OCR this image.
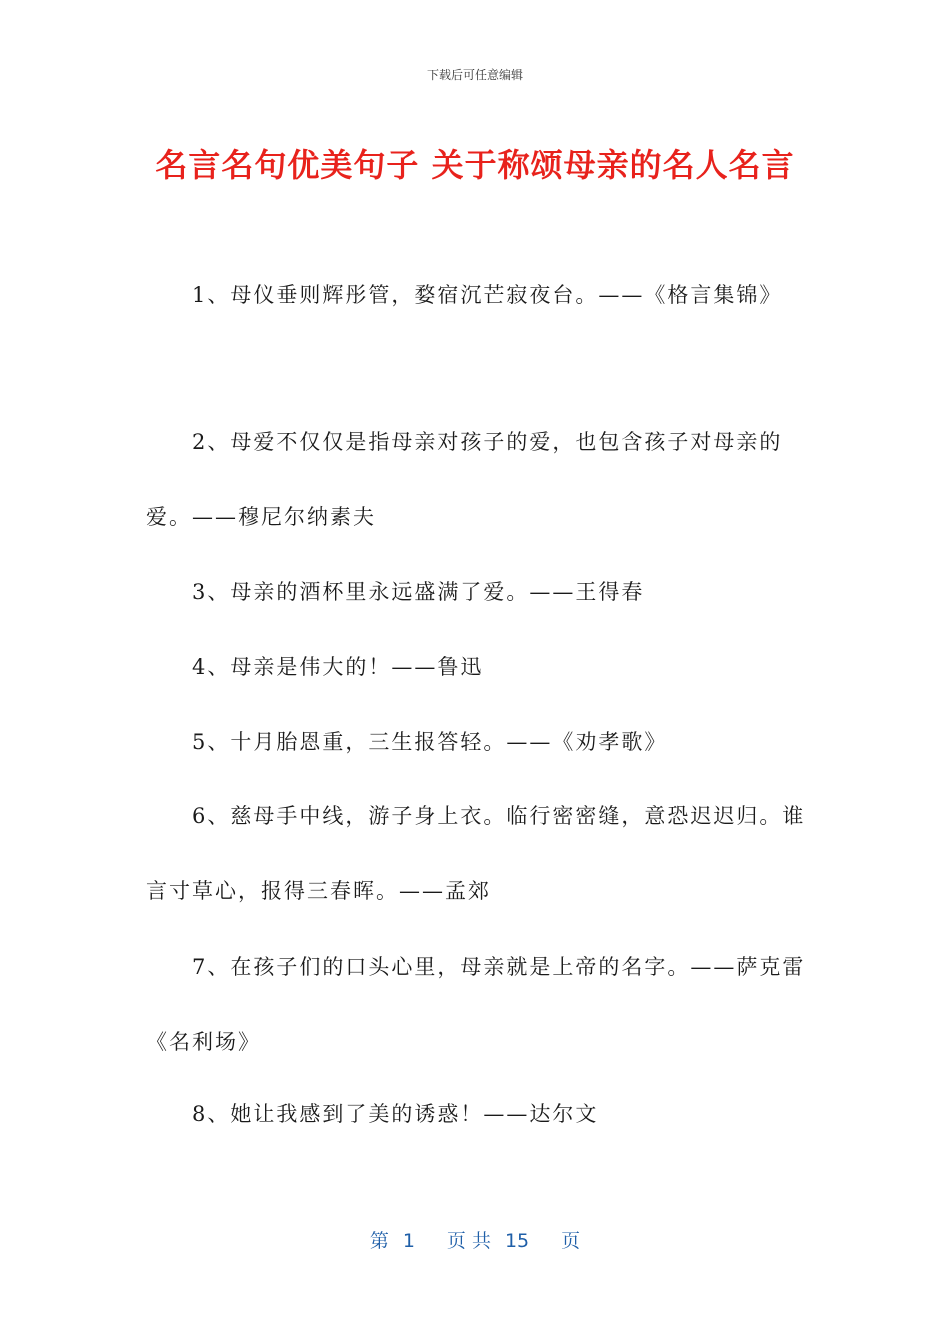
下载后可任意编辑
名言名句优美句子 关于称颂母亲的名人名言

1、母仪垂则辉彤管，婺宿沉芒寂夜台。——《格言集锦》

2、母爱不仅仅是指母亲对孩子的爱，也包含孩子对母亲的爱。——穆尼尔纳素夫

3、母亲的酒杯里永远盛满了爱。——王得春

4、母亲是伟大的！——鲁迅

5、十月胎恩重，三生报答轻。——《劝孝歌》

6、慈母手中线，游子身上衣。临行密密缝，意恐迟迟归。谁言寸草心，报得三春晖。——孟郊

7、在孩子们的口头心里，母亲就是上帝的名字。——萨克雷《名利场》

8、她让我感到了美的诱惑！——达尔文

第 1 页 共 15 页
